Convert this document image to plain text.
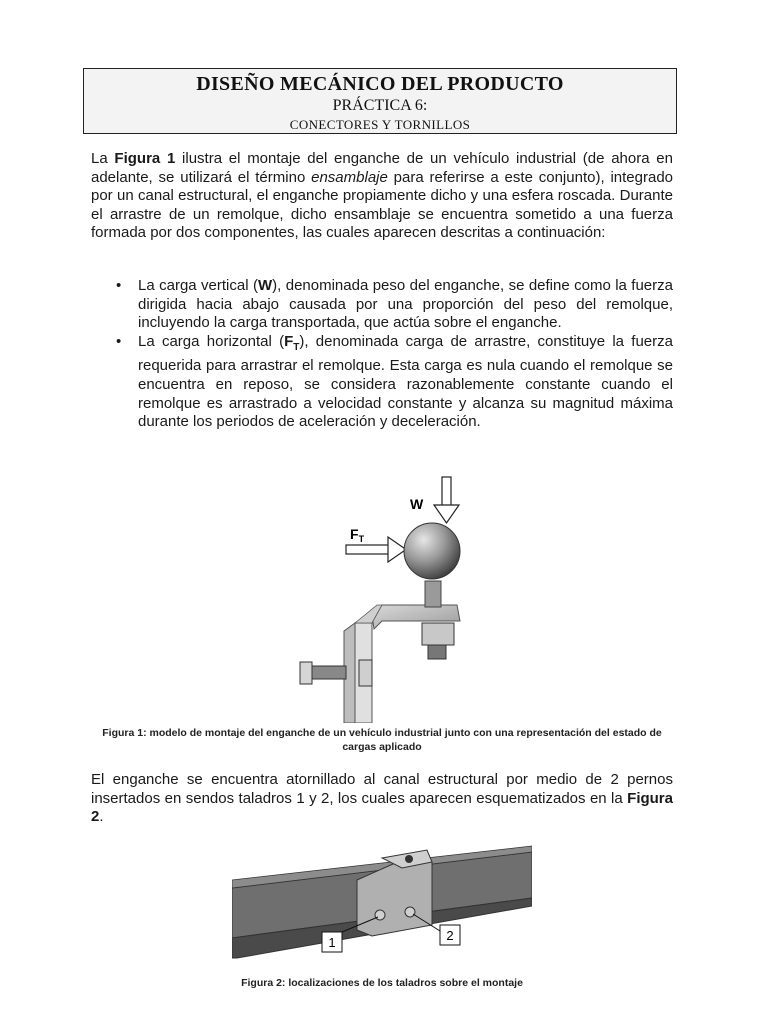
DISEÑO MECÁNICO DEL PRODUCTO
PRÁCTICA 6:
CONECTORES Y TORNILLOS
La Figura 1 ilustra el montaje del enganche de un vehículo industrial (de ahora en adelante, se utilizará el término ensamblaje para referirse a este conjunto), integrado por un canal estructural, el enganche propiamente dicho y una esfera roscada. Durante el arrastre de un remolque, dicho ensamblaje se encuentra sometido a una fuerza formada por dos componentes, las cuales aparecen descritas a continuación:
• La carga vertical (W), denominada peso del enganche, se define como la fuerza dirigida hacia abajo causada por una proporción del peso del remolque, incluyendo la carga transportada, que actúa sobre el enganche.
• La carga horizontal $(F_T)$, denominada carga de arrastre, constituye la fuerza requerida para arrastrar el remolque. Esta carga es nula cuando el remolque se encuentra en reposo, se considera razonablemente constante cuando el remolque es arrastrado a velocidad constante y alcanza su magnitud máxima durante los periodos de aceleración y deceleración.
W
$F_T$
Figura 1: modelo de montaje del enganche de un vehículo industrial junto con una representación del estado de cargas aplicado
El enganche se encuentra atornillado al canal estructural por medio de 2 pernos insertados en sendos taladros 1 y 2, los cuales aparecen esquematizados en la Figura 2.
1	2
Figura 2: localizaciones de los taladros sobre el montaje
